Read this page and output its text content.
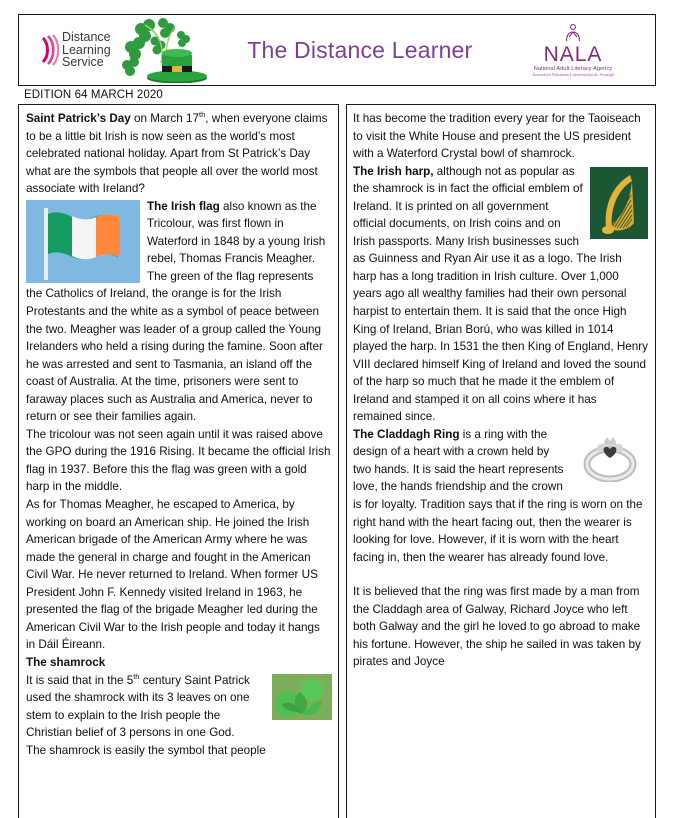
Distance
Learning
Service	The Distance Learner	NALA
National Adult Literacy Agency
Áisineácht Náisiúnta Litearthachta do Aosaigh
EDITION 64 MARCH 2020

Saint Patrick’s Day on March 17th, when everyone claims to be a little bit Irish is now seen as the world’s most celebrated national holiday. Apart from St Patrick’s Day what are the symbols that people all over the world most associate with Ireland?

The Irish flag also known as the Tricolour, was first flown in Waterford in 1848 by a young Irish rebel, Thomas Francis Meagher. The green of the flag represents the Catholics of Ireland, the orange is for the Irish Protestants and the white as a symbol of peace between the two. Meagher was leader of a group called the Young Irelanders who held a rising during the famine. Soon after he was arrested and sent to Tasmania, an island off the coast of Australia. At the time, prisoners were sent to faraway places such as Australia and America, never to return or see their families again.

The tricolour was not seen again until it was raised above the GPO during the 1916 Rising. It became the official Irish flag in 1937. Before this the flag was green with a gold harp in the middle.

As for Thomas Meagher, he escaped to America, by working on board an American ship. He joined the Irish American brigade of the American Army where he was made the general in charge and fought in the American Civil War. He never returned to Ireland. When former US President John F. Kennedy visited Ireland in 1963, he presented the flag of the brigade Meagher led during the American Civil War to the Irish people and today it hangs in Dáil Éireann.

The shamrock

It is said that in the 5th century Saint Patrick used the shamrock with its 3 leaves on one stem to explain to the Irish people the Christian belief of 3 persons in one God.

The shamrock is easily the symbol that people

It has become the tradition every year for the Taoiseach to visit the White House and present the US president with a Waterford Crystal bowl of shamrock.

The Irish harp, although not as popular as the shamrock is in fact the official emblem of Ireland. It is printed on all government official documents, on Irish coins and on Irish passports. Many Irish businesses such as Guinness and Ryan Air use it as a logo. The Irish harp has a long tradition in Irish culture. Over 1,000 years ago all wealthy families had their own personal harpist to entertain them. It is said that the once High King of Ireland, Brian Ború, who was killed in 1014 played the harp. In 1531 the then King of England, Henry VIII declared himself King of Ireland and loved the sound of the harp so much that he made it the emblem of Ireland and stamped it on all coins where it has remained since.

The Claddagh Ring is a ring with the design of a heart with a crown held by two hands. It is said the heart represents love, the hands friendship and the crown is for loyalty. Tradition says that if the ring is worn on the right hand with the heart facing out, then the wearer is looking for love. However, if it is worn with the heart facing in, then the wearer has already found love.

It is believed that the ring was first made by a man from the Claddagh area of Galway, Richard Joyce who left both Galway and the girl he loved to go abroad to make his fortune. However, the ship he sailed in was taken by pirates and Joyce
